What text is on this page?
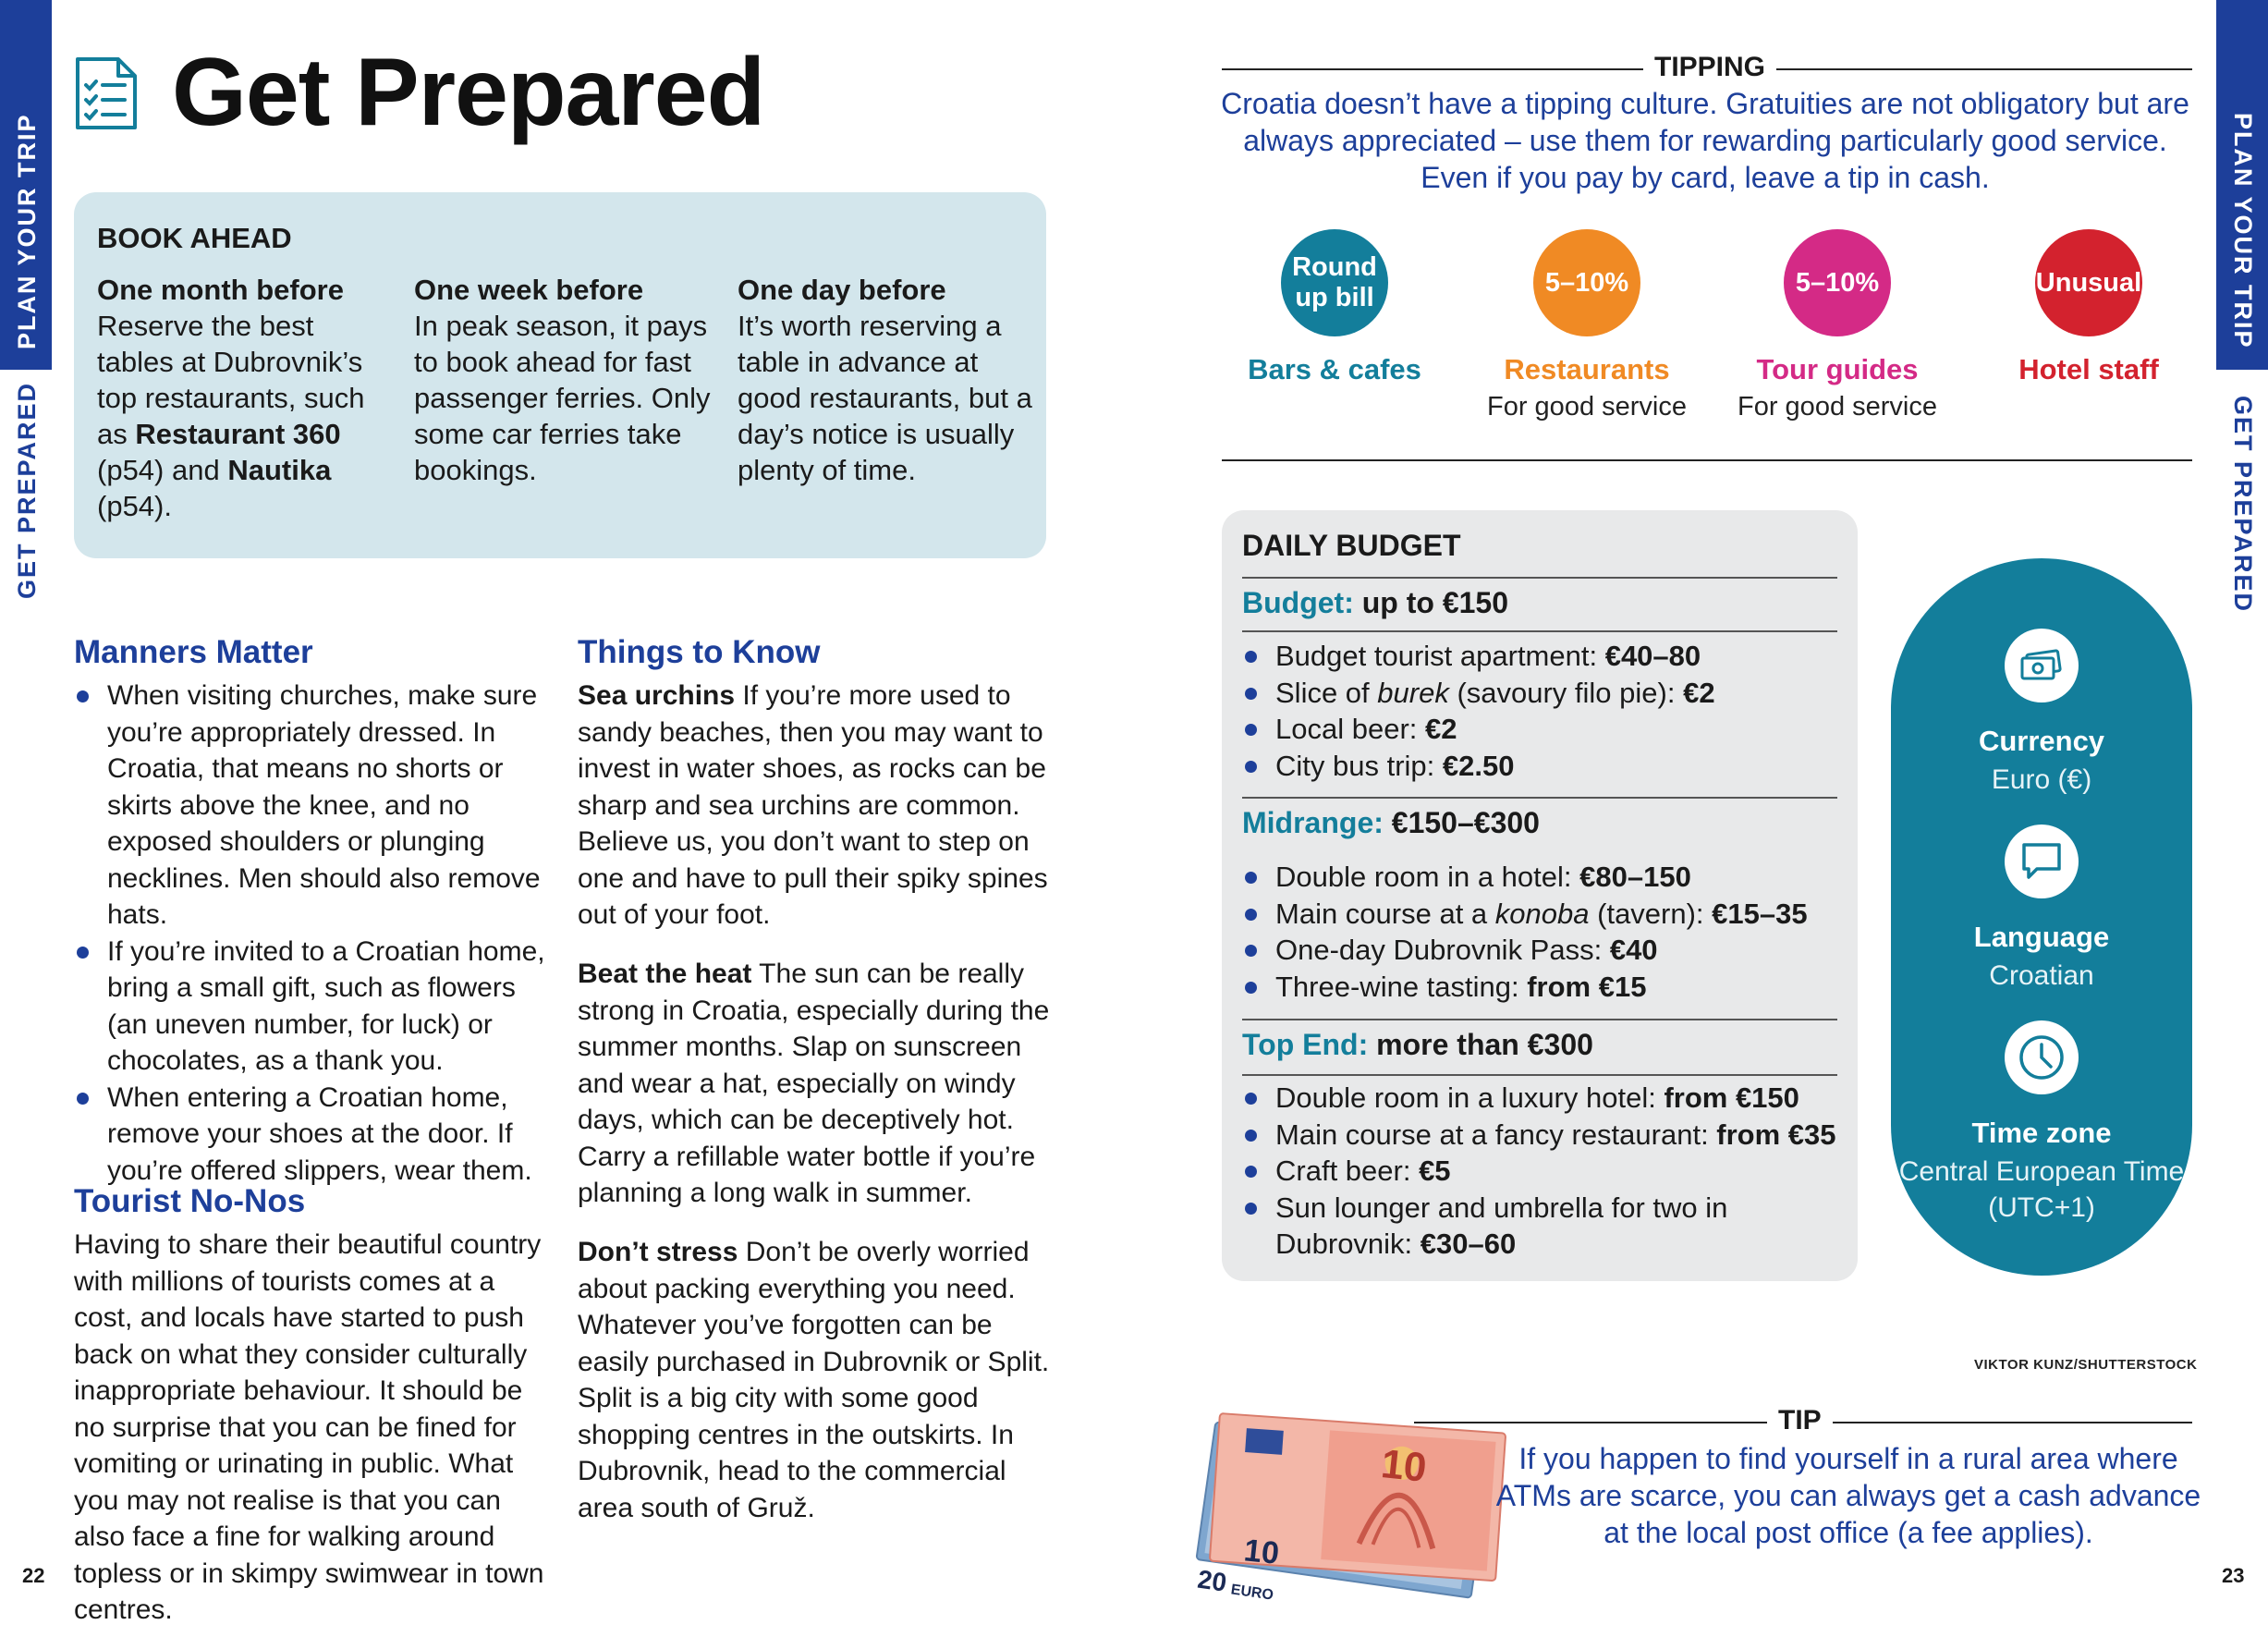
PLAN YOUR TRIP
GET PREPARED
PLAN YOUR TRIP
GET PREPARED
Get Prepared
BOOK AHEAD
One month before
Reserve the best tables at Dubrovnik’s top restaurants, such as Restaurant 360 (p54) and Nautika (p54).
One week before
In peak season, it pays to book ahead for fast passenger ferries. Only some car ferries take bookings.
One day before
It’s worth reserving a table in advance at good restaurants, but a day’s notice is usually plenty of time.
Manners Matter
When visiting churches, make sure you’re appropriately dressed. In Croatia, that means no shorts or skirts above the knee, and no exposed shoulders or plunging necklines. Men should also remove hats.
If you’re invited to a Croatian home, bring a small gift, such as flowers (an uneven number, for luck) or chocolates, as a thank you.
When entering a Croatian home, remove your shoes at the door. If you’re offered slippers, wear them.
Tourist No-Nos

Having to share their beautiful country with millions of tourists comes at a cost, and locals have started to push back on what they consider culturally inappropriate behaviour. It should be no surprise that you can be fined for vomiting or urinating in public. What you may not realise is that you can also face a fine for walking around topless or in skimpy swimwear in town centres.

Things to Know

Sea urchins If you’re more used to sandy beaches, then you may want to invest in water shoes, as rocks can be sharp and sea urchins are common. Believe us, you don’t want to step on one and have to pull their spiky spines out of your foot.

Beat the heat The sun can be really strong in Croatia, especially during the summer months. Slap on sunscreen and wear a hat, especially on windy days, which can be deceptively hot. Carry a refillable water bottle if you’re planning a long walk in summer.

Don’t stress Don’t be overly worried about packing everything you need. Whatever you’ve forgotten can be easily purchased in Dubrovnik or Split. Split is a big city with some good shopping centres in the outskirts. In Dubrovnik, head to the commercial area south of Gruž.

22
TIPPING
Croatia doesn’t have a tipping culture. Gratuities are not obligatory but are always appreciated – use them for rewarding particularly good service. Even if you pay by card, leave a tip in cash.
Round up bill
Bars & cafes
5–10%
Restaurants
For good service
5–10%
Tour guides
For good service
Unusual
Hotel staff
DAILY BUDGET
Budget: up to €150
Budget tourist apartment: €40–80
Slice of burek (savoury filo pie): €2
Local beer: €2
City bus trip: €2.50
Midrange: €150–€300
Double room in a hotel: €80–150
Main course at a konoba (tavern): €15–35
One-day Dubrovnik Pass: €40
Three-wine tasting: from €15
Top End: more than €300
Double room in a luxury hotel: from €150
Main course at a fancy restaurant: from €35
Craft beer: €5
Sun lounger and umbrella for two in Dubrovnik: €30–60
Currency
Euro (€)
Language
Croatian
Time zone
Central European Time (UTC+1)
VIKTOR KUNZ/SHUTTERSTOCK
10
10
20 EURO
TIP
If you happen to find yourself in a rural area where ATMs are scarce, you can always get a cash advance at the local post office (a fee applies).
23
